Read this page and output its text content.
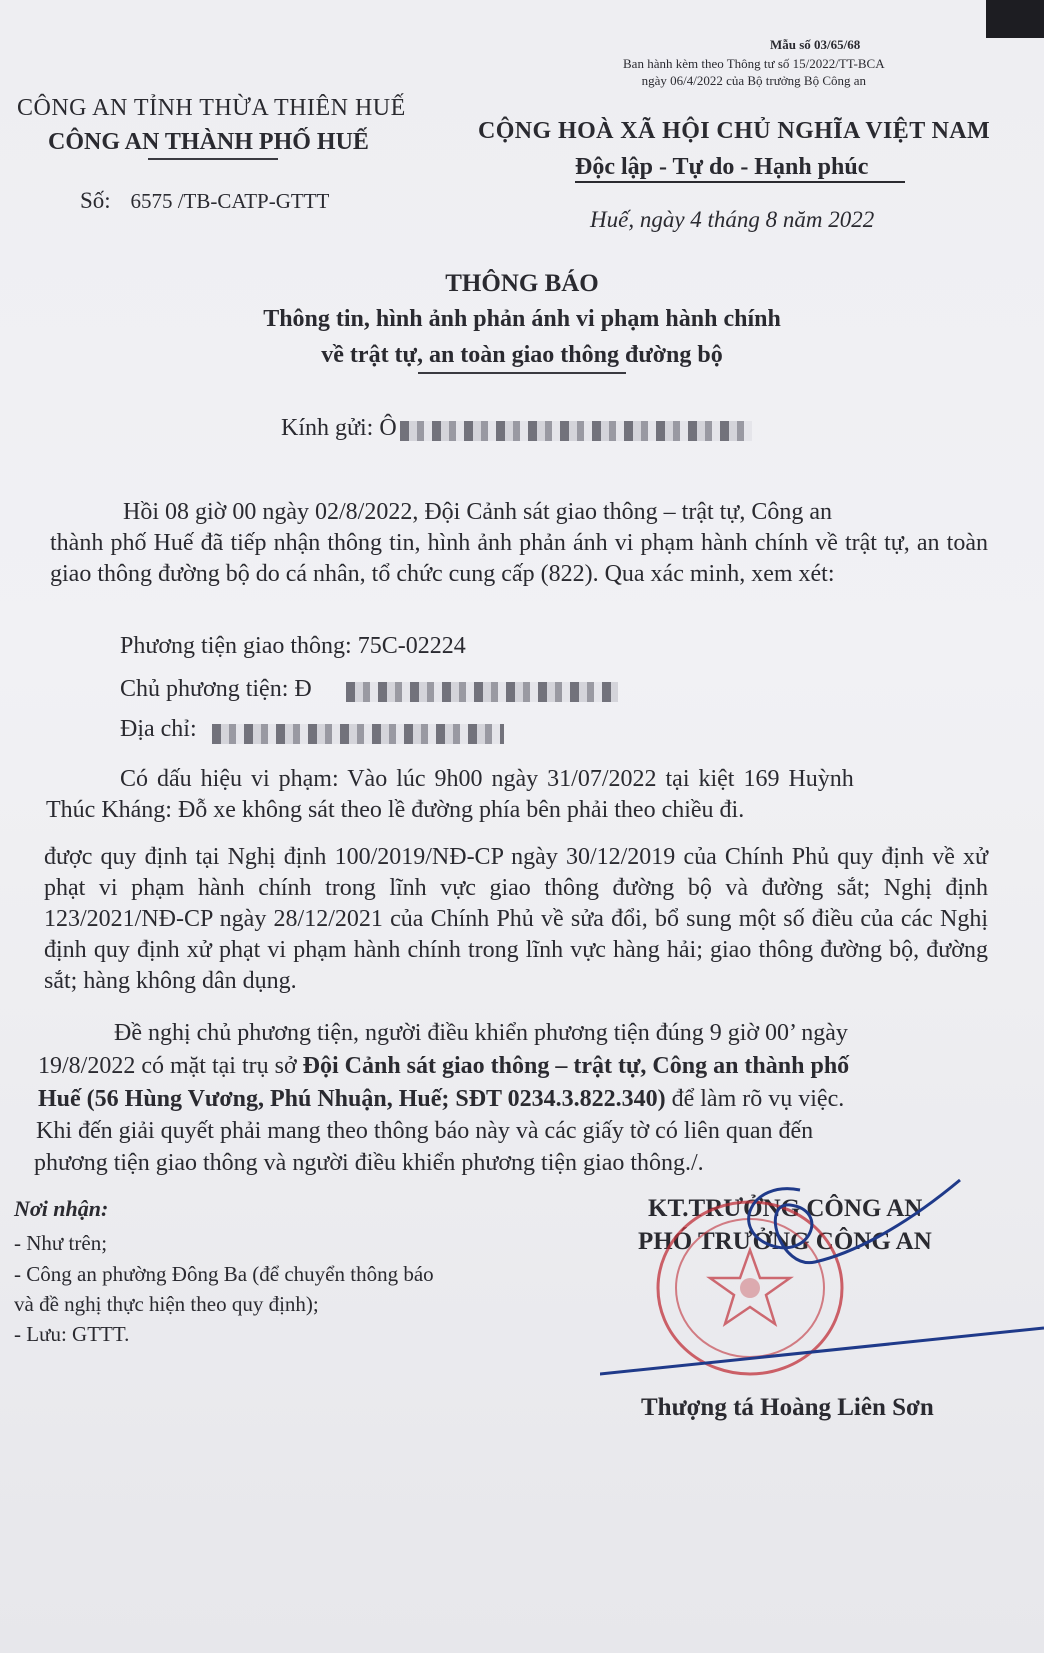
Mẫu số 03/65/68
Ban hành kèm theo Thông tư số 15/2022/TT-BCA
ngày 06/4/2022 của Bộ trưởng Bộ Công an
CÔNG AN TỈNH THỪA THIÊN HUẾ
CÔNG AN THÀNH PHỐ HUẾ	CỘNG HOÀ XÃ HỘI CHỦ NGHĨA VIỆT NAM
Độc lập - Tự do - Hạnh phúc
Số: 6575 /TB-CATP-GTTT
Huế, ngày 4 tháng 8 năm 2022
THÔNG BÁO
Thông tin, hình ảnh phản ánh vi phạm hành chính
về trật tự, an toàn giao thông đường bộ
Kính gửi: Ô
Hồi 08 giờ 00 ngày 02/8/2022, Đội Cảnh sát giao thông – trật tự, Công an
thành phố Huế đã tiếp nhận thông tin, hình ảnh phản ánh vi phạm hành chính về trật tự, an toàn giao thông đường bộ do cá nhân, tổ chức cung cấp (822). Qua xác minh, xem xét:
Phương tiện giao thông: 75C-02224
Chủ phương tiện: Đ
Địa chỉ:
Có dấu hiệu vi phạm: Vào lúc 9h00 ngày 31/07/2022 tại kiệt 169 Huỳnh
Thúc Kháng: Đỗ xe không sát theo lề đường phía bên phải theo chiều đi.
được quy định tại Nghị định 100/2019/NĐ-CP ngày 30/12/2019 của Chính Phủ quy định về xử phạt vi phạm hành chính trong lĩnh vực giao thông đường bộ và đường sắt; Nghị định 123/2021/NĐ-CP ngày 28/12/2021 của Chính Phủ về sửa đổi, bổ sung một số điều của các Nghị định quy định xử phạt vi phạm hành chính trong lĩnh vực hàng hải; giao thông đường bộ, đường sắt; hàng không dân dụng.
Đề nghị chủ phương tiện, người điều khiển phương tiện đúng 9 giờ 00’ ngày
19/8/2022 có mặt tại trụ sở Đội Cảnh sát giao thông – trật tự, Công an thành phố
Huế (56 Hùng Vương, Phú Nhuận, Huế; SĐT 0234.3.822.340) để làm rõ vụ việc.
Khi đến giải quyết phải mang theo thông báo này và các giấy tờ có liên quan đến
phương tiện giao thông và người điều khiển phương tiện giao thông./.
Nơi nhận:
- Như trên;
- Công an phường Đông Ba (để chuyển thông báo
và đề nghị thực hiện theo quy định);
- Lưu: GTTT.
KT.TRƯỞNG CÔNG AN
PHÓ TRƯỞNG CÔNG AN
Thượng tá Hoàng Liên Sơn
